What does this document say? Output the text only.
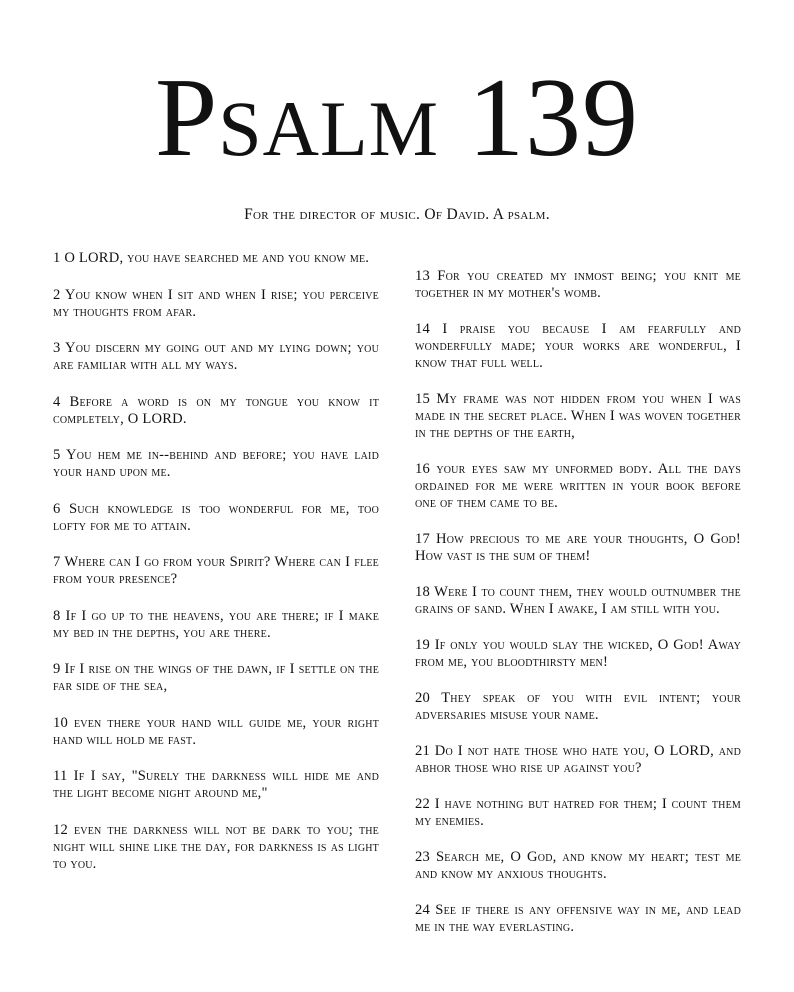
Psalm 139
For the director of music. Of David. A psalm.

1 O LORD, you have searched me and you know me.

2 You know when I sit and when I rise; you perceive my thoughts from afar.

3 You discern my going out and my lying down; you are familiar with all my ways.

4 Before a word is on my tongue you know it completely, O LORD.

5 You hem me in--behind and before; you have laid your hand upon me.

6 Such knowledge is too wonderful for me, too lofty for me to attain.

7 Where can I go from your Spirit? Where can I flee from your presence?

8 If I go up to the heavens, you are there; if I make my bed in the depths, you are there.

9 If I rise on the wings of the dawn, if I settle on the far side of the sea,

10 even there your hand will guide me, your right hand will hold me fast.

11 If I say, "Surely the darkness will hide me and the light become night around me,"

12 even the darkness will not be dark to you; the night will shine like the day, for darkness is as light to you.

13 For you created my inmost being; you knit me together in my mother's womb.

14 I praise you because I am fearfully and wonderfully made; your works are wonderful, I know that full well.

15 My frame was not hidden from you when I was made in the secret place. When I was woven together in the depths of the earth,

16 your eyes saw my unformed body. All the days ordained for me were written in your book before one of them came to be.

17 How precious to me are your thoughts, O God! How vast is the sum of them!

18 Were I to count them, they would outnumber the grains of sand. When I awake, I am still with you.

19 If only you would slay the wicked, O God! Away from me, you bloodthirsty men!

20 They speak of you with evil intent; your adversaries misuse your name.

21 Do I not hate those who hate you, O LORD, and abhor those who rise up against you?

22 I have nothing but hatred for them; I count them my enemies.

23 Search me, O God, and know my heart; test me and know my anxious thoughts.

24 See if there is any offensive way in me, and lead me in the way everlasting.
